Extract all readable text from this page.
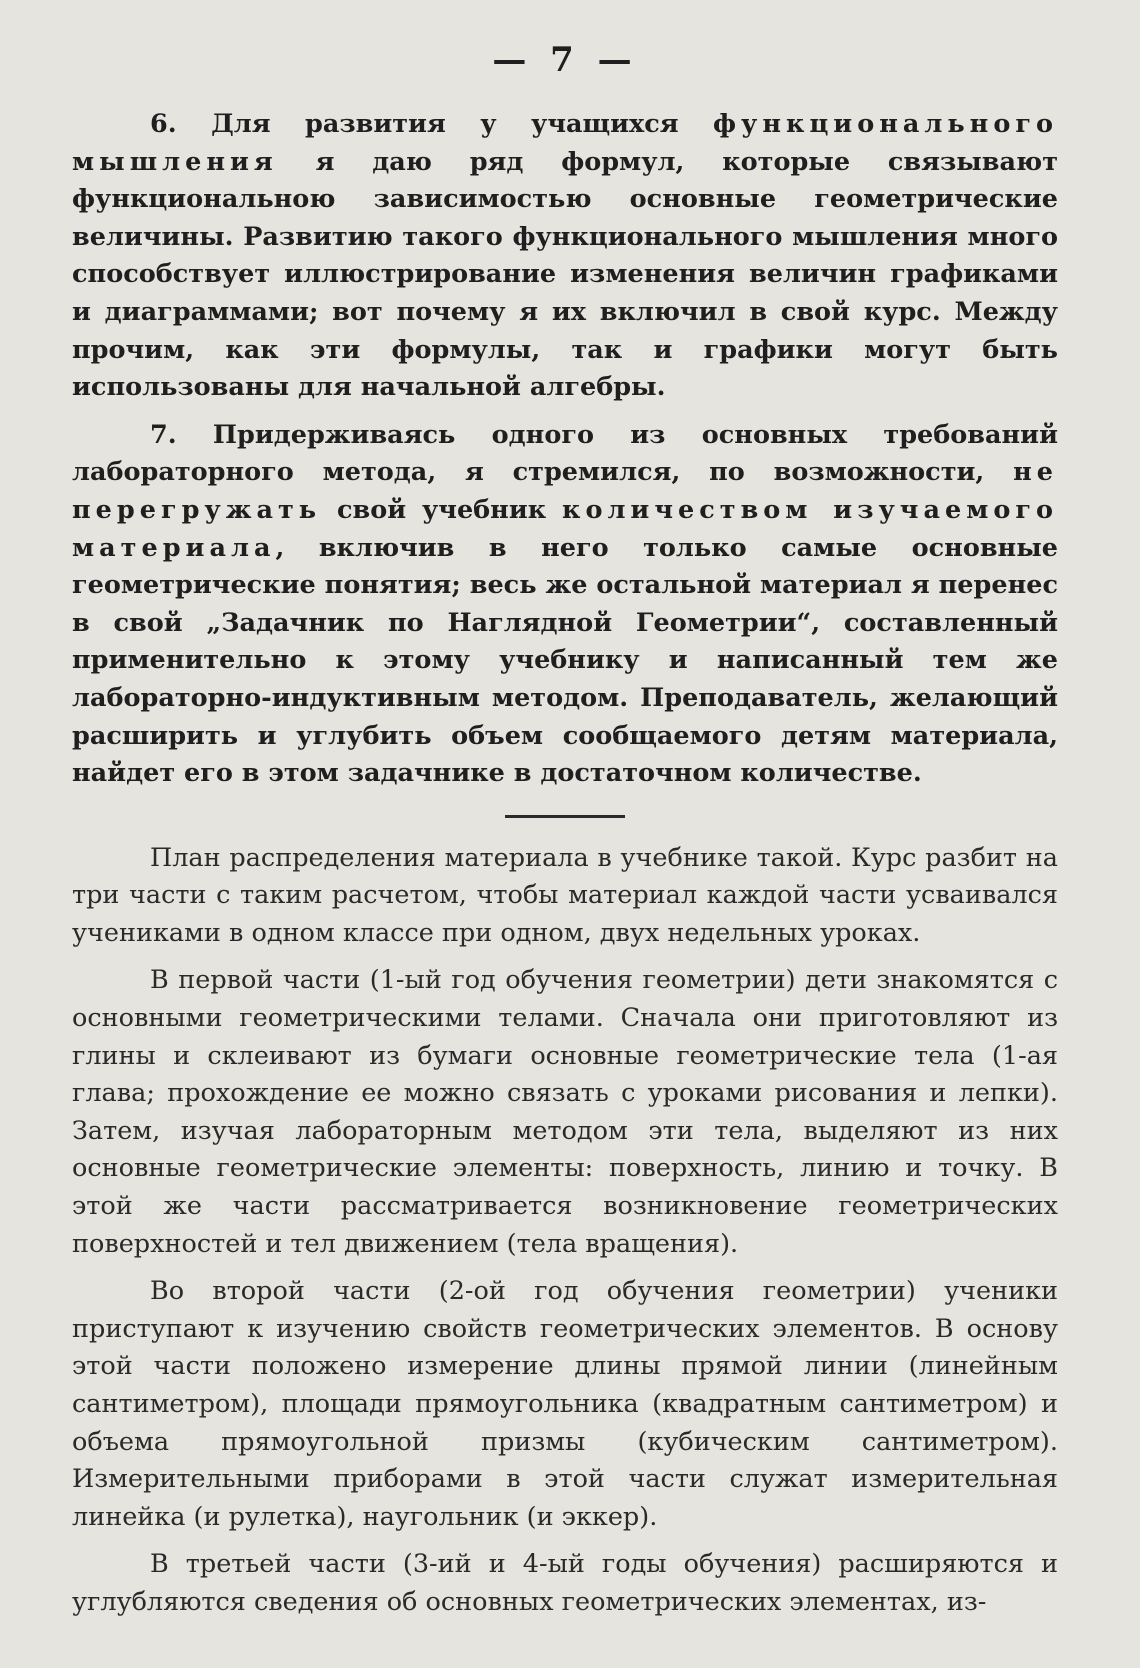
— 7 —

6. Для развития у учащихся функционального мышления я даю ряд формул, которые связывают функциональною зависимостью основные геометрические величины. Развитию такого функционального мышления много способствует иллюстрирование изменения величин графиками и диаграммами; вот почему я их включил в свой курс. Между прочим, как эти формулы, так и графики могут быть использованы для начальной алгебры.

7. Придерживаясь одного из основных требований лабораторного метода, я стремился, по возможности, не перегружать свой учебник количеством изучаемого материала, включив в него только самые основные геометрические понятия; весь же остальной материал я перенес в свой „Задачник по Наглядной Геометрии“, составленный применительно к этому учебнику и написанный тем же лабораторно-индуктивным методом. Преподаватель, желающий расширить и углубить объем сообщаемого детям материала, найдет его в этом задачнике в достаточном количестве.

План распределения материала в учебнике такой. Курс разбит на три части с таким расчетом, чтобы материал каждой части усваивался учениками в одном классе при одном, двух недельных уроках.

В первой части (1-ый год обучения геометрии) дети знакомятся с основными геометрическими телами. Сначала они приготовляют из глины и склеивают из бумаги основные геометрические тела (1-ая глава; прохождение ее можно связать с уроками рисования и лепки). Затем, изучая лабораторным методом эти тела, выделяют из них основные геометрические элементы: поверхность, линию и точку. В этой же части рассматривается возникновение геометрических поверхностей и тел движением (тела вращения).

Во второй части (2-ой год обучения геометрии) ученики приступают к изучению свойств геометрических элементов. В основу этой части положено измерение длины прямой линии (линейным сантиметром), площади прямоугольника (квадратным сантиметром) и объема прямоугольной призмы (кубическим сантиметром). Измерительными приборами в этой части служат измерительная линейка (и рулетка), наугольник (и эккер).

В третьей части (3-ий и 4-ый годы обучения) расширяются и углубляются сведения об основных геометрических элементах, из-
